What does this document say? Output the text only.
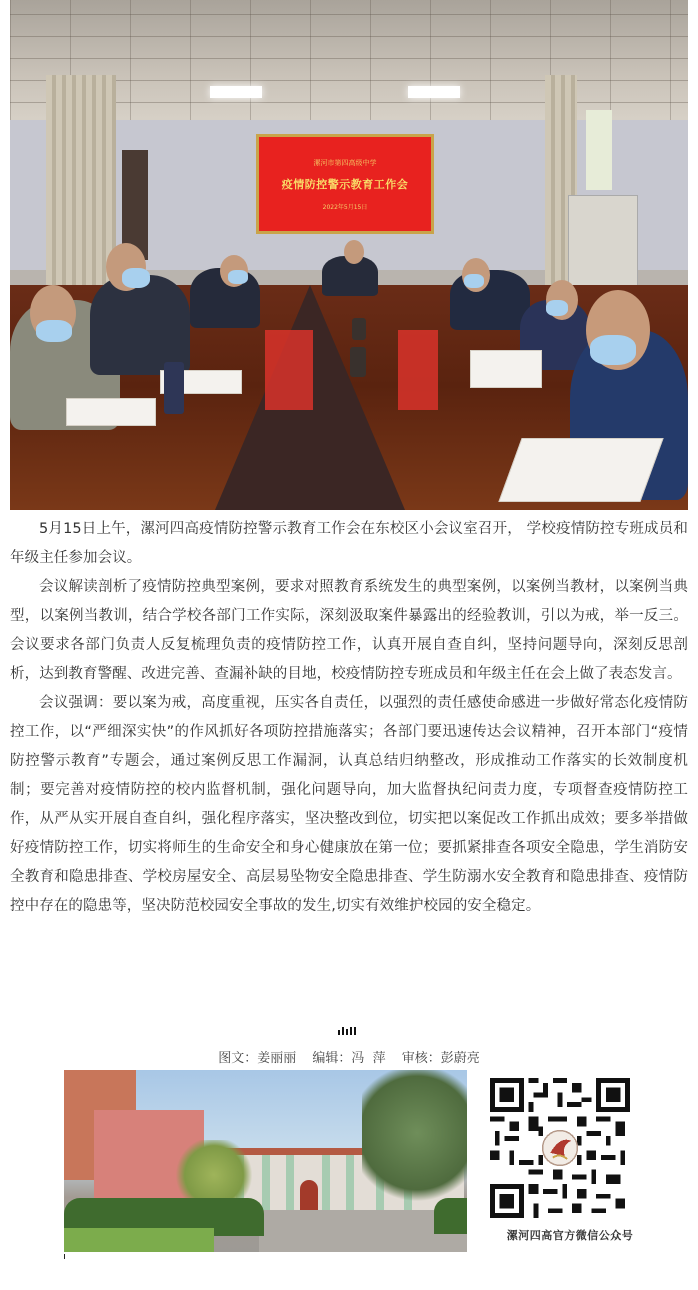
漯河市第四高级中学
疫情防控警示教育工作会
2022年5月15日

5月15日上午，漯河四高疫情防控警示教育工作会在东校区小会议室召开， 学校疫情防控专班成员和年级主任参加会议。

会议解读剖析了疫情防控典型案例，要求对照教育系统发生的典型案例，以案例当教材，以案例当典型，以案例当教训，结合学校各部门工作实际，深刻汲取案件暴露出的经验教训，引以为戒，举一反三。会议要求各部门负责人反复梳理负责的疫情防控工作，认真开展自查自纠，坚持问题导向，深刻反思剖析，达到教育警醒、改进完善、查漏补缺的目地，校疫情防控专班成员和年级主任在会上做了表态发言。

会议强调：要以案为戒，高度重视，压实各自责任，以强烈的责任感使命感进一步做好常态化疫情防控工作，以“严细深实快”的作风抓好各项防控措施落实；各部门要迅速传达会议精神，召开本部门“疫情防控警示教育”专题会，通过案例反思工作漏洞，认真总结归纳整改，形成推动工作落实的长效制度机制；要完善对疫情防控的校内监督机制，强化问题导向，加大监督执纪问责力度，专项督查疫情防控工作，从严从实开展自查自纠，强化程序落实，坚决整改到位，切实把以案促改工作抓出成效；要多举措做好疫情防控工作，切实将师生的生命安全和身心健康放在第一位；要抓紧排查各项安全隐患，学生消防安全教育和隐患排查、学校房屋安全、高层易坠物安全隐患排查、学生防溺水安全教育和隐患排查、疫情防控中存在的隐患等，坚决防范校园安全事故的发生,切实有效维护校园的安全稳定。

图文：姜丽丽 编辑：冯  萍 审核：彭蔚亮
漯河四高官方微信公众号
